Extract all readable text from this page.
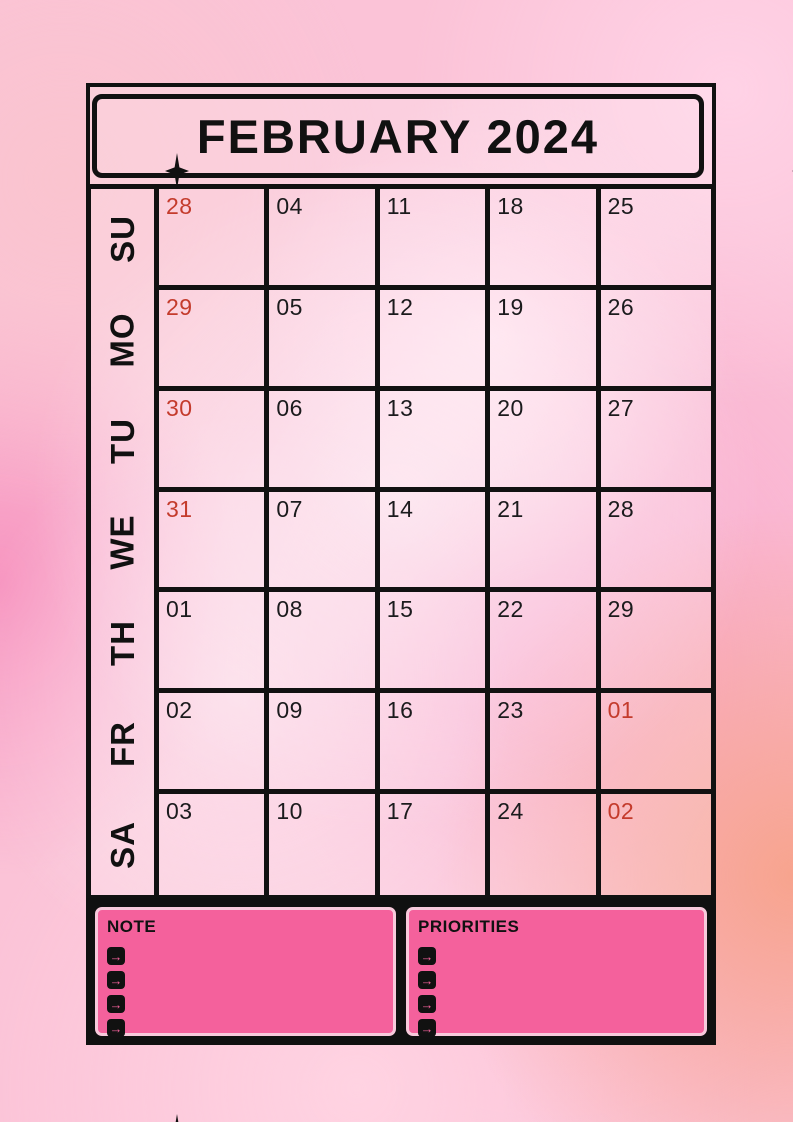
FEBRUARY 2024
SU
28	04	11	18	25
MO
29	05	12	19	26
TU
30	06	13	20	27
WE
31	07	14	21	28
TH
01	08	15	22	29
FR
02	09	16	23	01
SA
03	10	17	24	02
NOTE
→
→
→
→
PRIORITIES
→
→
→
→
